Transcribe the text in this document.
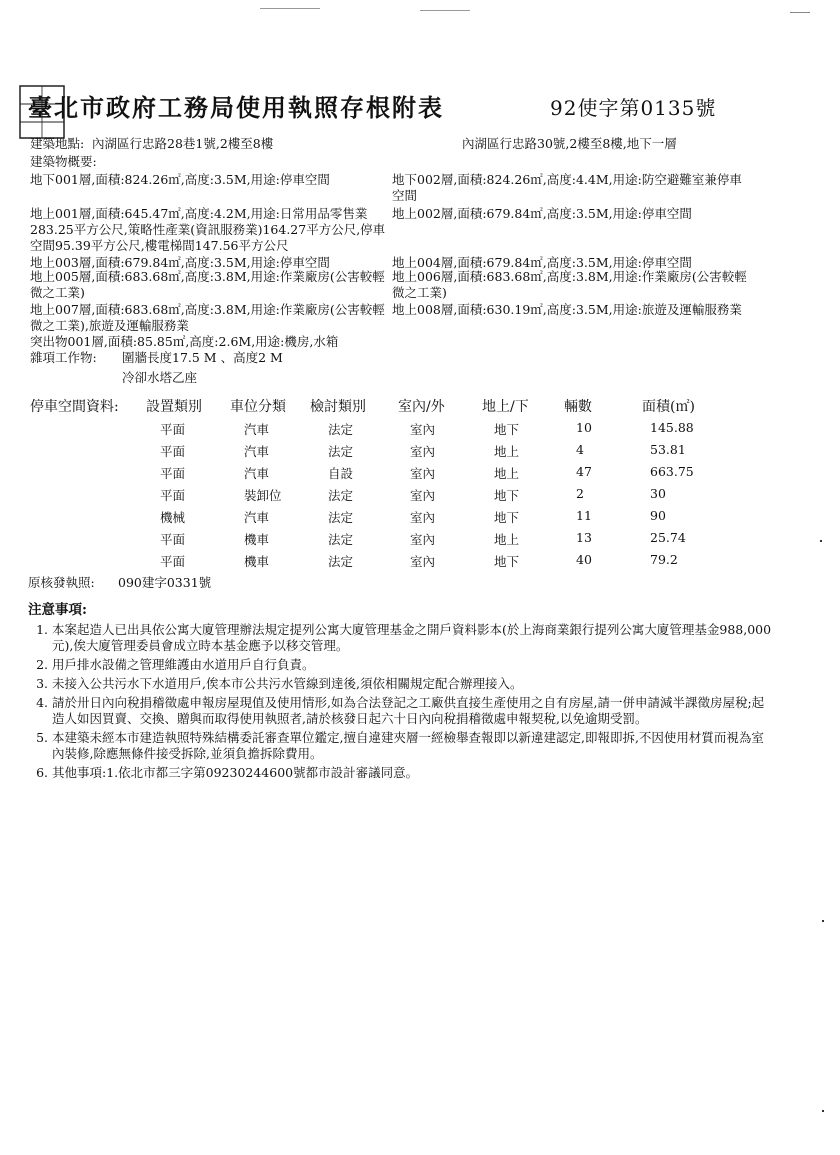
臺北市政府工務局使用執照存根附表	92使字第0135號
建築地點: 內湖區行忠路28巷1號,2樓至8樓	內湖區行忠路30號,2樓至8樓,地下一層
建築物概要:
地下001層,面積:824.26㎡,高度:3.5M,用途:停車空間	地下002層,面積:824.26㎡,高度:4.4M,用途:防空避難室兼停車空間
地上001層,面積:645.47㎡,高度:4.2M,用途:日常用品零售業283.25平方公尺,策略性產業(資訊服務業)164.27平方公尺,停車空間95.39平方公尺,樓電梯間147.56平方公尺
地上002層,面積:679.84㎡,高度:3.5M,用途:停車空間
地上003層,面積:679.84㎡,高度:3.5M,用途:停車空間	地上004層,面積:679.84㎡,高度:3.5M,用途:停車空間
地上005層,面積:683.68㎡,高度:3.8M,用途:作業廠房(公害較輕微之工業)
地上006層,面積:683.68㎡,高度:3.8M,用途:作業廠房(公害較輕微之工業)
地上007層,面積:683.68㎡,高度:3.8M,用途:作業廠房(公害較輕微之工業),旅遊及運輸服務業
地上008層,面積:630.19㎡,高度:3.5M,用途:旅遊及運輸服務業
突出物001層,面積:85.85㎡,高度:2.6M,用途:機房,水箱
雜項工作物: 圍牆長度17.5 M 、高度2 M
冷卻水塔乙座
停車空間資料: 設置類別 車位分類 檢討類別 室內/外	地上/下	輛數	面積(㎡)
平面	汽車	法定	室內	地下	10	145.88
平面	汽車	法定	室內	地上	4	53.81
平面	汽車	自設	室內	地上	47	663.75
平面	裝卸位	法定	室內	地下	2	30
機械	汽車	法定	室內	地下	11	90
平面	機車	法定	室內	地上	13	25.74
平面	機車	法定	室內	地下	40	79.2
原核發執照: 090建字0331號
注意事項:
1. 本案起造人已出具依公寓大廈管理辦法規定提列公寓大廈管理基金之開戶資料影本(於上海商業銀行提列公寓大廈管理基金988,000元),俟大廈管理委員會成立時本基金應予以移交管理。
2. 用戶排水設備之管理維護由水道用戶自行負責。
3. 未接入公共污水下水道用戶,俟本市公共污水管線到達後,須依相關規定配合辦理接入。
4. 請於卅日內向稅捐稽徵處申報房屋現值及使用情形,如為合法登記之工廠供直接生產使用之自有房屋,請一併申請減半課徵房屋稅;起造人如因買賣、交換、贈與而取得使用執照者,請於核發日起六十日內向稅捐稽徵處申報契稅,以免逾期受罰。
5. 本建築未經本市建造執照特殊結構委託審查單位鑑定,擅自違建夾層一經檢舉查報即以新違建認定,即報即拆,不因使用材質而視為室內裝修,除應無條件接受拆除,並須負擔拆除費用。
6. 其他事項:1.依北市都三字第09230244600號都市設計審議同意。
